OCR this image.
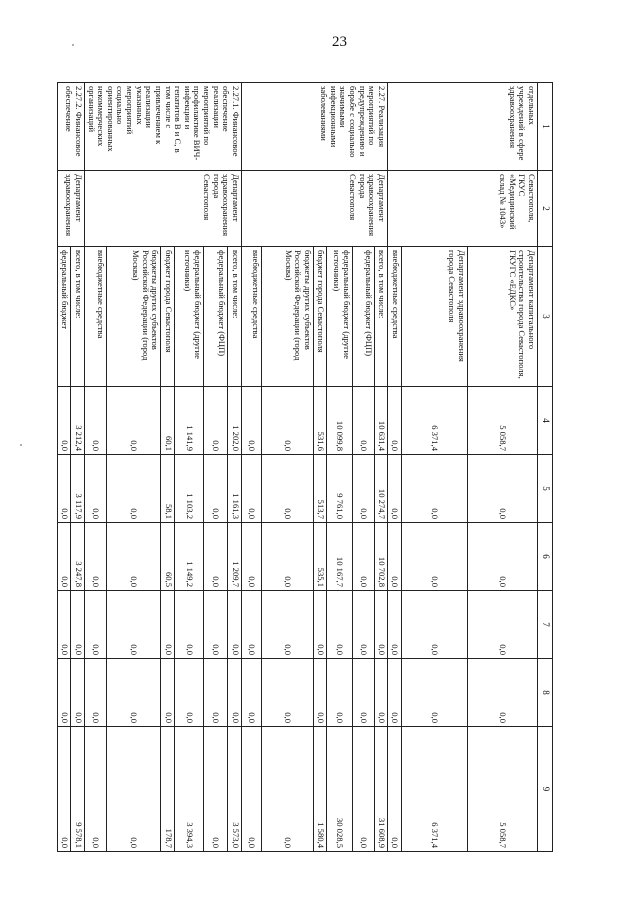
23
1	2	3	4	5	6	7	8	9
отдельных учреждений в сфере здравоохранения	Севастополя, ГКУС «Медицинский склад № 1043»	Департамент капитального строительства города Севастополя, ГКУГС «ЕДКС»	5 058,7	0,0	0,0	0,0	0,0	5 058,7
		Департамент здравоохранения города Севастополя	6 371,4	0,0	0,0	0,0	0,0	6 371,4
		внебюджетные средства	0,0	0,0	0,0	0,0	0,0	0,0
2.27. Реализация мероприятий по предупреждению и борьбе с социально значимыми инфекционными заболеваниями	Департамент здравоохранения города Севастополя	всего, в том числе:	10 631,4	10 274,7	10 702,8	0,0	0,0	31 608,9
		федеральный бюджет (ФЦП)	0,0	0,0	0,0	0,0	0,0	0,0
		федеральный бюджет (другие источники)	10 099,8	9 761,0	10 167,7	0,0	0,0	30 028,5
		бюджет города Севастополя	531,6	513,7	535,1	0,0	0,0	1 580,4
		бюджеты других субъектов Российской Федерации (город Москва)	0,0	0,0	0,0	0,0	0,0	0,0
		внебюджетные средства	0,0	0,0	0,0	0,0	0,0	0,0
2.27.1. Финансовое обеспечение реализации мероприятий по профилактике ВИЧ-инфекции и гепатитов В и С, в том числе с привлечением к реализации указанных мероприятий социально ориентированных некоммерческих организаций	Департамент здравоохранения города Севастополя	всего, в том числе:	1 202,0	1 161,3	1 209,7	0,0	0,0	3 573,0
		федеральный бюджет (ФЦП)	0,0	0,0	0,0	0,0	0,0	0,0
		федеральный бюджет (другие источники)	1 141,9	1 103,2	1 149,2	0,0	0,0	3 394,3
		бюджет города Севастополя	60,1	58,1	60,5	0,0	0,0	178,7
		бюджеты других субъектов Российской Федерации (город Москва)	0,0	0,0	0,0	0,0	0,0	0,0
		внебюджетные средства	0,0	0,0	0,0	0,0	0,0	0,0
2.27.2. Финансовое обеспечение	Департамент здравоохранения	всего, в том числе:	3 212,4	3 117,9	3 247,8	0,0	0,0	9 578,1
		федеральный бюджет	0,0	0,0	0,0	0,0	0,0	0,0
